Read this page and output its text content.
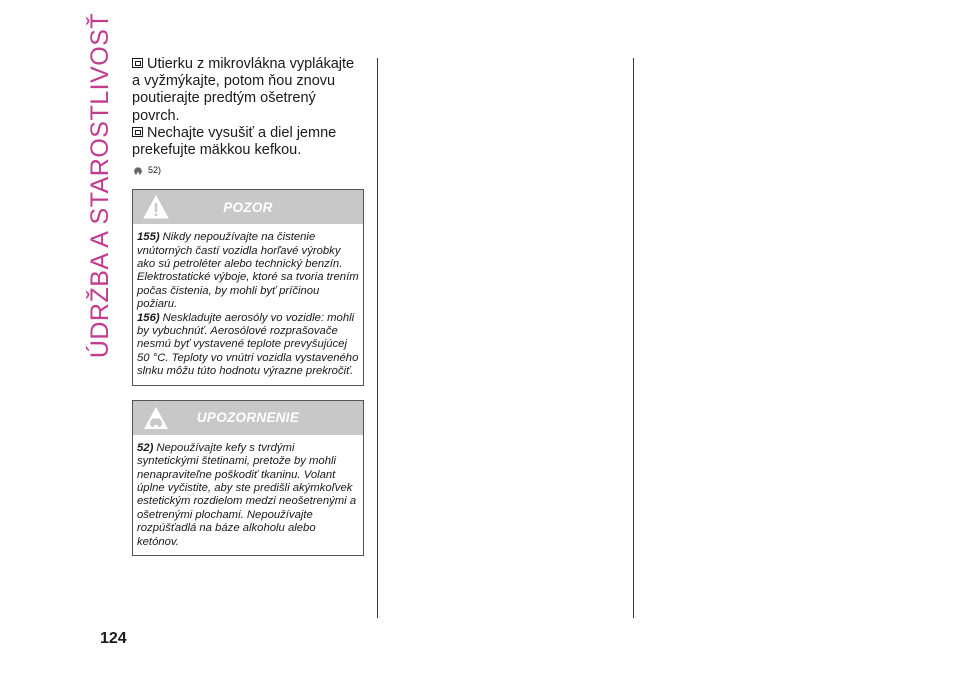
ÚDRŽBA A STAROSTLIVOSŤ
124

Utierku z mikrovlákna vyplákajte a vyžmýkajte, potom ňou znovu poutierajte predtým ošetrený povrch.

Nechajte vysušiť a diel jemne prekefujte mäkkou kefkou.

52)
POZOR

155) Nikdy nepoužívajte na čistenie vnútorných častí vozidla horľavé výrobky ako sú petroléter alebo technický benzín. Elektrostatické výboje, ktoré sa tvoria trením počas čistenia, by mohli byť príčinou požiaru.

156) Neskladujte aerosóly vo vozidle: mohli by vybuchnúť. Aerosólové rozprašovače nesmú byť vystavené teplote prevyšujúcej 50 °C. Teploty vo vnútri vozidla vystaveného slnku môžu túto hodnotu výrazne prekročiť.

UPOZORNENIE

52) Nepoužívajte kefy s tvrdými syntetickými štetinami, pretože by mohli nenapraviteľne poškodiť tkaninu. Volant úplne vyčistite, aby ste predišli akýmkoľvek estetickým rozdielom medzi neošetrenými a ošetrenými plochami. Nepoužívajte rozpúšťadlá na báze alkoholu alebo ketónov.
